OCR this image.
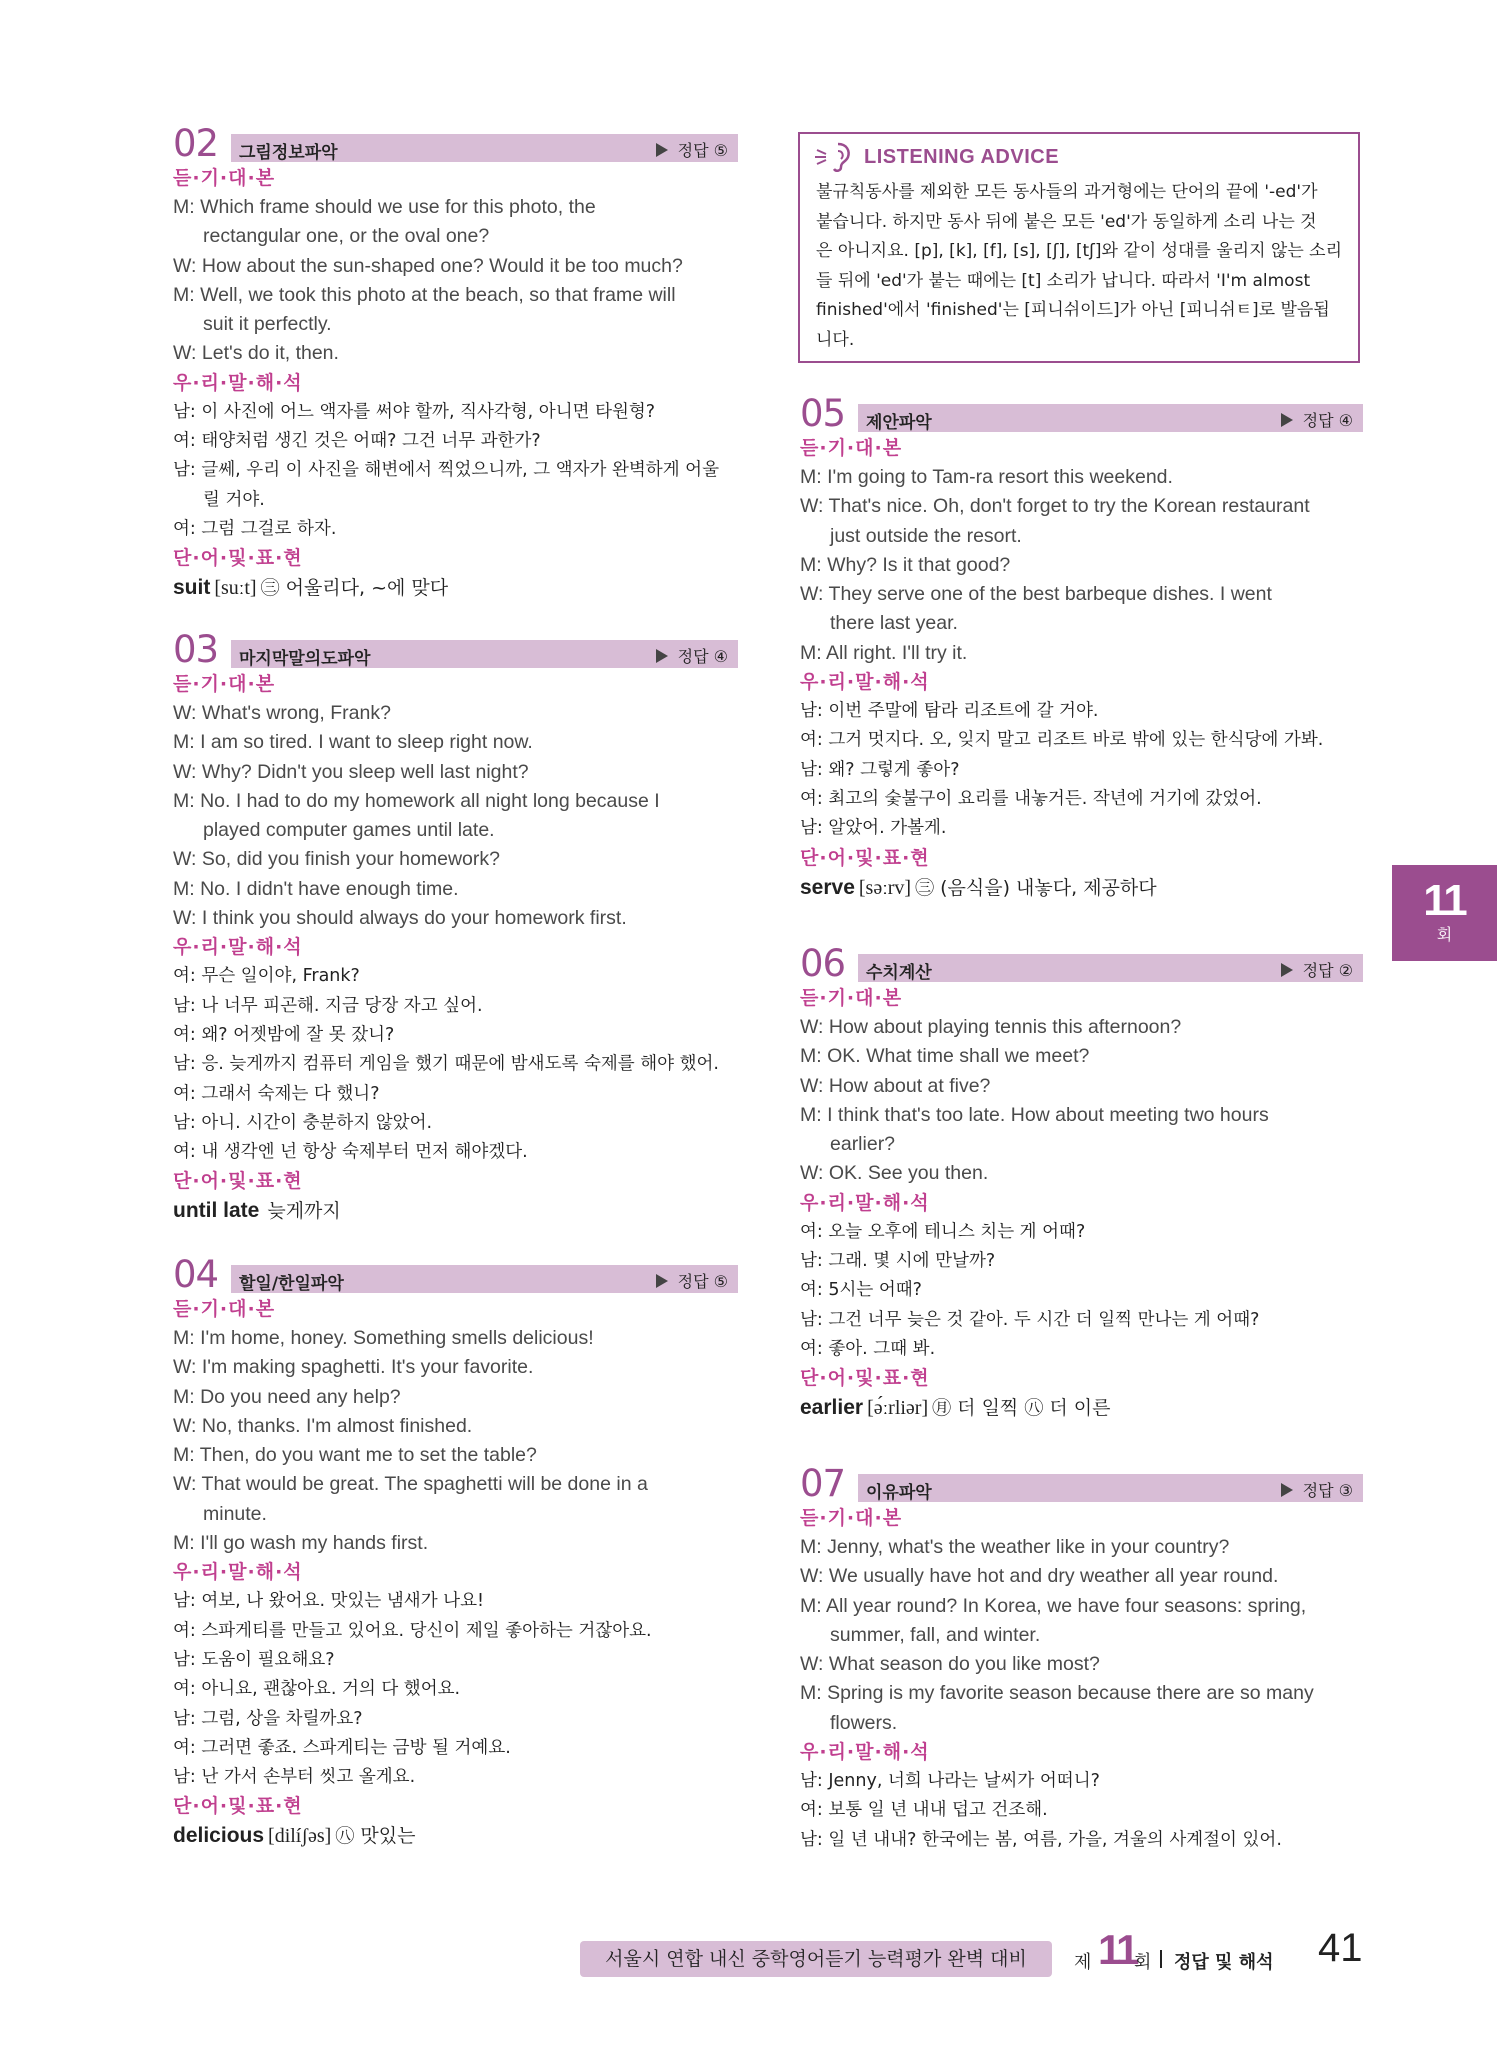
02 그림정보파악	정답 ⑤
듣·기·대·본
M: Which frame should we use for this photo, the
rectangular one, or the oval one?
W: How about the sun-shaped one? Would it be too much?
M: Well, we took this photo at the beach, so that frame will
suit it perfectly.
W: Let's do it, then.
우·리·말·해·석
남: 이 사진에 어느 액자를 써야 할까, 직사각형, 아니면 타원형?
여: 태양처럼 생긴 것은 어때? 그건 너무 과한가?
남: 글쎄, 우리 이 사진을 해변에서 찍었으니까, 그 액자가 완벽하게 어울
릴 거야.
여: 그럼 그걸로 하자.
단·어·및·표·현
suit [suːt] ㊂ 어울리다, ~에 맞다
03 마지막말의도파악	정답 ④
듣·기·대·본
W: What's wrong, Frank?
M: I am so tired. I want to sleep right now.
W: Why? Didn't you sleep well last night?
M: No. I had to do my homework all night long because I
played computer games until late.
W: So, did you finish your homework?
M: No. I didn't have enough time.
W: I think you should always do your homework first.
우·리·말·해·석
여: 무슨 일이야, Frank?
남: 나 너무 피곤해. 지금 당장 자고 싶어.
여: 왜? 어젯밤에 잘 못 잤니?
남: 응. 늦게까지 컴퓨터 게임을 했기 때문에 밤새도록 숙제를 해야 했어.
여: 그래서 숙제는 다 했니?
남: 아니. 시간이 충분하지 않았어.
여: 내 생각엔 넌 항상 숙제부터 먼저 해야겠다.
단·어·및·표·현
until late 늦게까지
04 할일/한일파악	정답 ⑤
듣·기·대·본
M: I'm home, honey. Something smells delicious!
W: I'm making spaghetti. It's your favorite.
M: Do you need any help?
W: No, thanks. I'm almost finished.
M: Then, do you want me to set the table?
W: That would be great. The spaghetti will be done in a
minute.
M: I'll go wash my hands first.
우·리·말·해·석
남: 여보, 나 왔어요. 맛있는 냄새가 나요!
여: 스파게티를 만들고 있어요. 당신이 제일 좋아하는 거잖아요.
남: 도움이 필요해요?
여: 아니요, 괜찮아요. 거의 다 했어요.
남: 그럼, 상을 차릴까요?
여: 그러면 좋죠. 스파게티는 금방 될 거예요.
남: 난 가서 손부터 씻고 올게요.
단·어·및·표·현
delicious [dilíʃəs] ㊇ 맛있는
LISTENING ADVICE
불규칙동사를 제외한 모든 동사들의 과거형에는 단어의 끝에 '-ed'가
붙습니다. 하지만 동사 뒤에 붙은 모든 'ed'가 동일하게 소리 나는 것
은 아니지요. [p], [k], [f], [s], [ʃ], [tʃ]와 같이 성대를 울리지 않는 소리
들 뒤에 'ed'가 붙는 때에는 [t] 소리가 납니다. 따라서 'I'm almost
finished'에서 'finished'는 [피니쉬이드]가 아닌 [피니쉬ㅌ]로 발음됩
니다.
05 제안파악	정답 ④
듣·기·대·본
M: I'm going to Tam-ra resort this weekend.
W: That's nice. Oh, don't forget to try the Korean restaurant
just outside the resort.
M: Why? Is it that good?
W: They serve one of the best barbeque dishes. I went
there last year.
M: All right. I'll try it.
우·리·말·해·석
남: 이번 주말에 탐라 리조트에 갈 거야.
여: 그거 멋지다. 오, 잊지 말고 리조트 바로 밖에 있는 한식당에 가봐.
남: 왜? 그렇게 좋아?
여: 최고의 숯불구이 요리를 내놓거든. 작년에 거기에 갔었어.
남: 알았어. 가볼게.
단·어·및·표·현
serve [səːrv] ㊂ (음식을) 내놓다, 제공하다
06 수치계산	정답 ②
듣·기·대·본
W: How about playing tennis this afternoon?
M: OK. What time shall we meet?
W: How about at five?
M: I think that's too late. How about meeting two hours
earlier?
W: OK. See you then.
우·리·말·해·석
여: 오늘 오후에 테니스 치는 게 어때?
남: 그래. 몇 시에 만날까?
여: 5시는 어때?
남: 그건 너무 늦은 것 같아. 두 시간 더 일찍 만나는 게 어때?
여: 좋아. 그때 봐.
단·어·및·표·현
earlier [ə́ːrliər] ㊊ 더 일찍 ㊇ 더 이른
07 이유파악	정답 ③
듣·기·대·본
M: Jenny, what's the weather like in your country?
W: We usually have hot and dry weather all year round.
M: All year round? In Korea, we have four seasons: spring,
summer, fall, and winter.
W: What season do you like most?
M: Spring is my favorite season because there are so many
flowers.
우·리·말·해·석
남: Jenny, 너희 나라는 날씨가 어떠니?
여: 보통 일 년 내내 덥고 건조해.
남: 일 년 내내? 한국에는 봄, 여름, 가을, 겨울의 사계절이 있어.
11
회
서울시 연합 내신 중학영어듣기 능력평가 완벽 대비	제 11
회 정답 및 해석 41
